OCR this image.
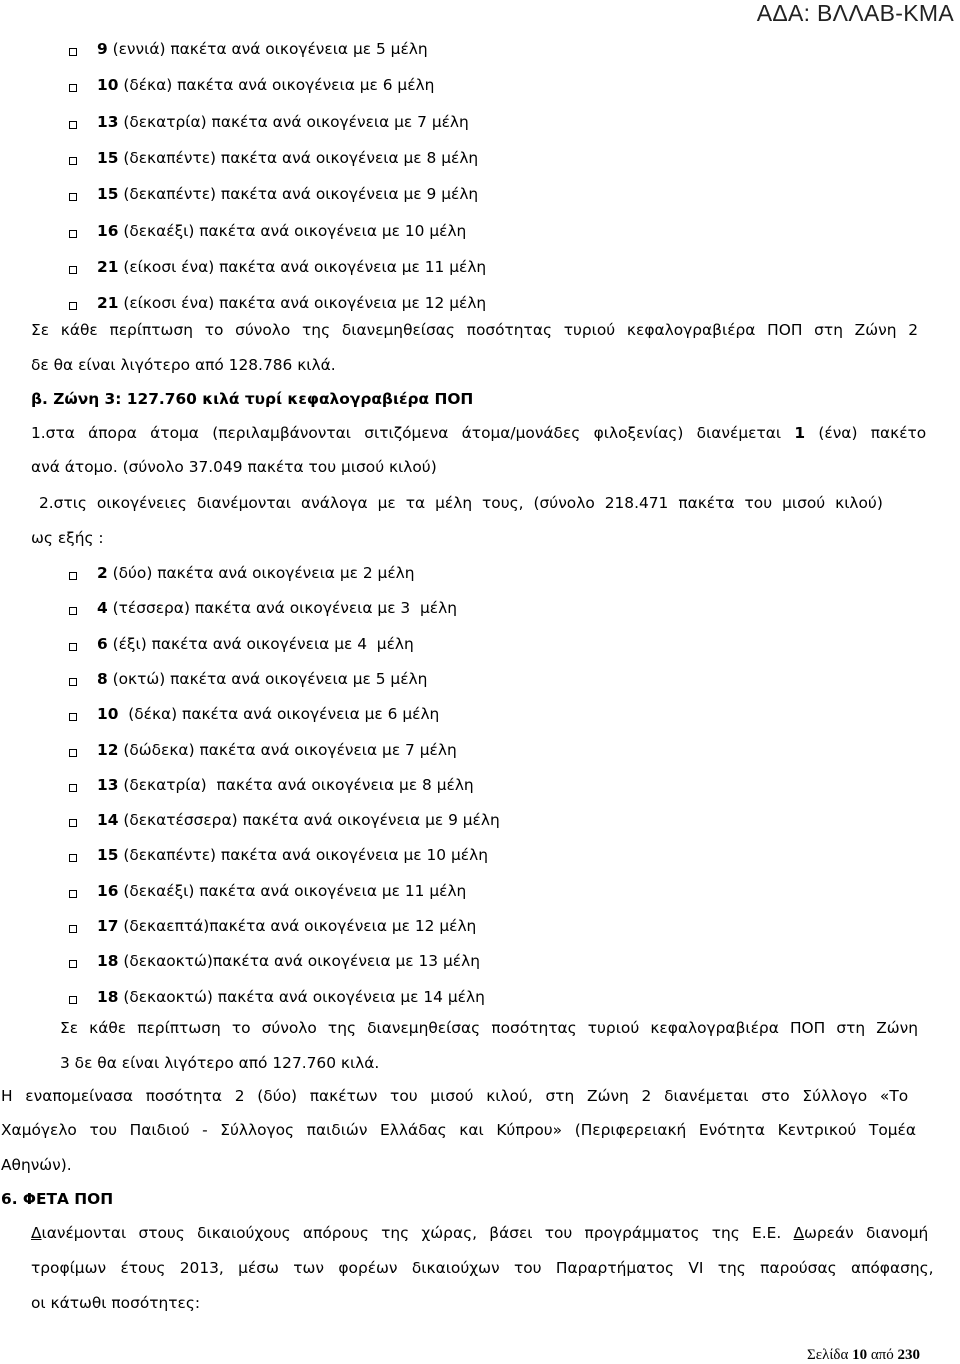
ΑΔΑ: ΒΛΛΑΒ-ΚΜΑ
9 (εννιά) πακέτα ανά οικογένεια με 5 μέλη
10 (δέκα) πακέτα ανά οικογένεια με 6 μέλη
13 (δεκατρία) πακέτα ανά οικογένεια με 7 μέλη
15 (δεκαπέντε) πακέτα ανά οικογένεια με 8 μέλη
15 (δεκαπέντε) πακέτα ανά οικογένεια με 9 μέλη
16 (δεκαέξι) πακέτα ανά οικογένεια με 10 μέλη
21 (είκοσι ένα) πακέτα ανά οικογένεια με 11 μέλη
21 (είκοσι ένα) πακέτα ανά οικογένεια με 12 μέλη
Σε κάθε περίπτωση το σύνολο της διανεμηθείσας ποσότητας τυριού κεφαλογραβιέρα ΠΟΠ στη Ζώνη 2
δε θα είναι λιγότερο από 128.786 κιλά.
β. Ζώνη 3: 127.760 κιλά τυρί κεφαλογραβιέρα ΠΟΠ
1.στα άπορα άτομα (περιλαμβάνονται σιτιζόμενα άτομα/μονάδες φιλοξενίας) διανέμεται 1 (ένα) πακέτο
ανά άτομο. (σύνολο 37.049 πακέτα του μισού κιλού)
2.στις οικογένειες διανέμονται ανάλογα με τα μέλη τους, (σύνολο 218.471 πακέτα του μισού κιλού)
ως εξής :
2 (δύο) πακέτα ανά οικογένεια με 2 μέλη
4 (τέσσερα) πακέτα ανά οικογένεια με 3  μέλη
6 (έξι) πακέτα ανά οικογένεια με 4  μέλη
8 (οκτώ) πακέτα ανά οικογένεια με 5 μέλη
10  (δέκα) πακέτα ανά οικογένεια με 6 μέλη
12 (δώδεκα) πακέτα ανά οικογένεια με 7 μέλη
13 (δεκατρία)  πακέτα ανά οικογένεια με 8 μέλη
14 (δεκατέσσερα) πακέτα ανά οικογένεια με 9 μέλη
15 (δεκαπέντε) πακέτα ανά οικογένεια με 10 μέλη
16 (δεκαέξι) πακέτα ανά οικογένεια με 11 μέλη
17 (δεκαεπτά)πακέτα ανά οικογένεια με 12 μέλη
18 (δεκαοκτώ)πακέτα ανά οικογένεια με 13 μέλη
18 (δεκαοκτώ) πακέτα ανά οικογένεια με 14 μέλη
Σε κάθε περίπτωση το σύνολο της διανεμηθείσας ποσότητας τυριού κεφαλογραβιέρα ΠΟΠ στη Ζώνη
3 δε θα είναι λιγότερο από 127.760 κιλά.
Η εναπομείνασα ποσότητα 2 (δύο) πακέτων του μισού κιλού, στη Ζώνη 2 διανέμεται στο Σύλλογο «Το
Χαμόγελο του Παιδιού - Σύλλογος παιδιών Ελλάδας και Κύπρου» (Περιφερειακή Ενότητα Κεντρικού Τομέα
Αθηνών).
6. ΦΕΤΑ ΠΟΠ
Διανέμονται στους δικαιούχους απόρους της χώρας, βάσει του προγράμματος της Ε.Ε. Δωρεάν διανομή
τροφίμων έτους 2013, μέσω των φορέων δικαιούχων του Παραρτήματος VI της παρούσας απόφασης,
οι κάτωθι ποσότητες:
Σελίδα 10 από 230
